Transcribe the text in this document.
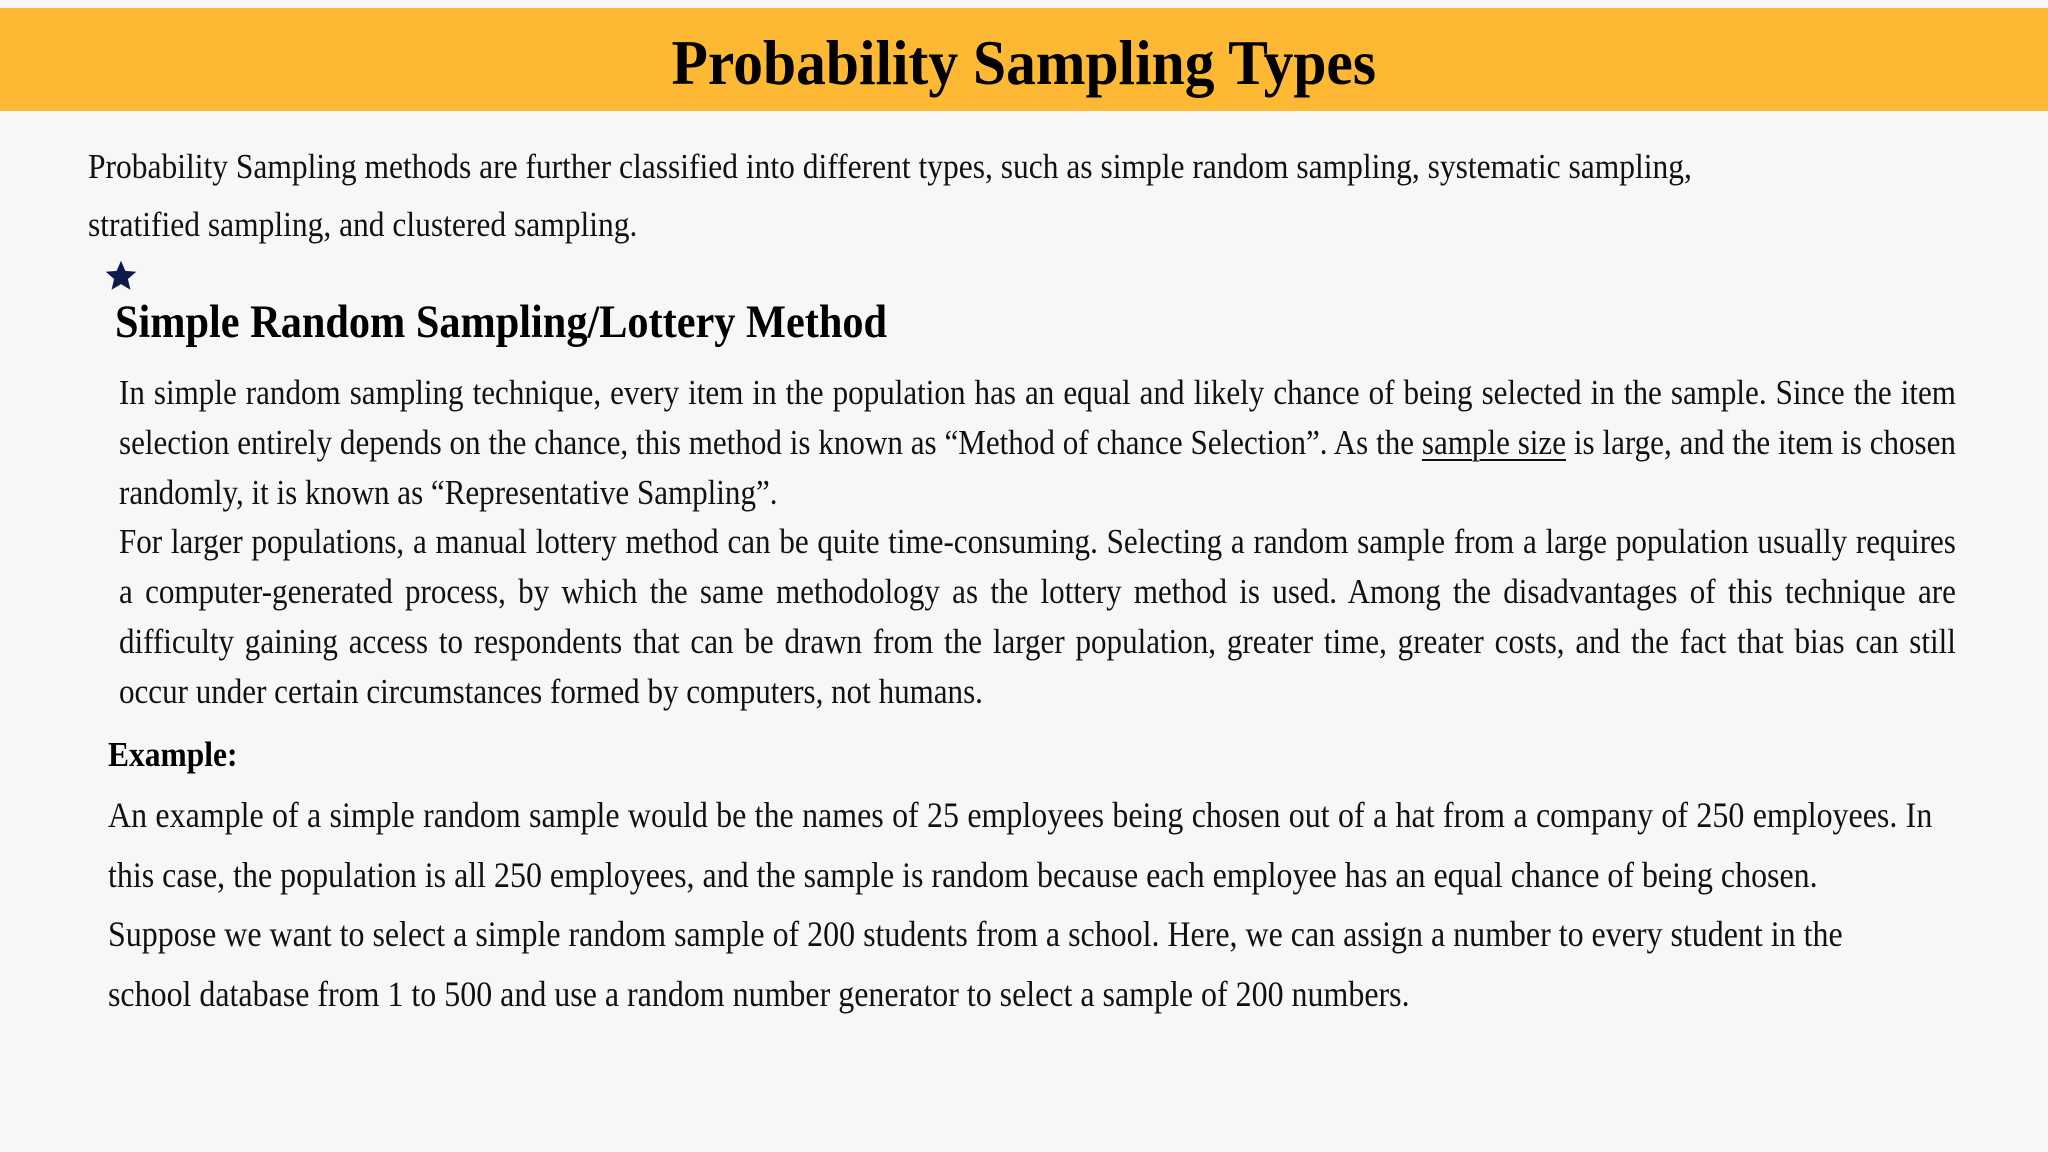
Probability Sampling Types

Probability Sampling methods are further classified into different types, such as simple random sampling, systematic sampling, stratified sampling, and clustered sampling.

Simple Random Sampling/Lottery Method

In simple random sampling technique, every item in the population has an equal and likely chance of being selected in the sample. Since the item selection entirely depends on the chance, this method is known as “Method of chance Selection”. As the sample size is large, and the item is chosen randomly, it is known as “Representative Sampling”.

For larger populations, a manual lottery method can be quite time-consuming. Selecting a random sample from a large population usually requires a computer-generated process, by which the same methodology as the lottery method is used. Among the disadvantages of this technique are difficulty gaining access to respondents that can be drawn from the larger population, greater time, greater costs, and the fact that bias can still occur under certain circumstances formed by computers, not humans.

Example:

An example of a simple random sample would be the names of 25 employees being chosen out of a hat from a company of 250 employees. In this case, the population is all 250 employees, and the sample is random because each employee has an equal chance of being chosen.

Suppose we want to select a simple random sample of 200 students from a school. Here, we can assign a number to every student in the school database from 1 to 500 and use a random number generator to select a sample of 200 numbers.
